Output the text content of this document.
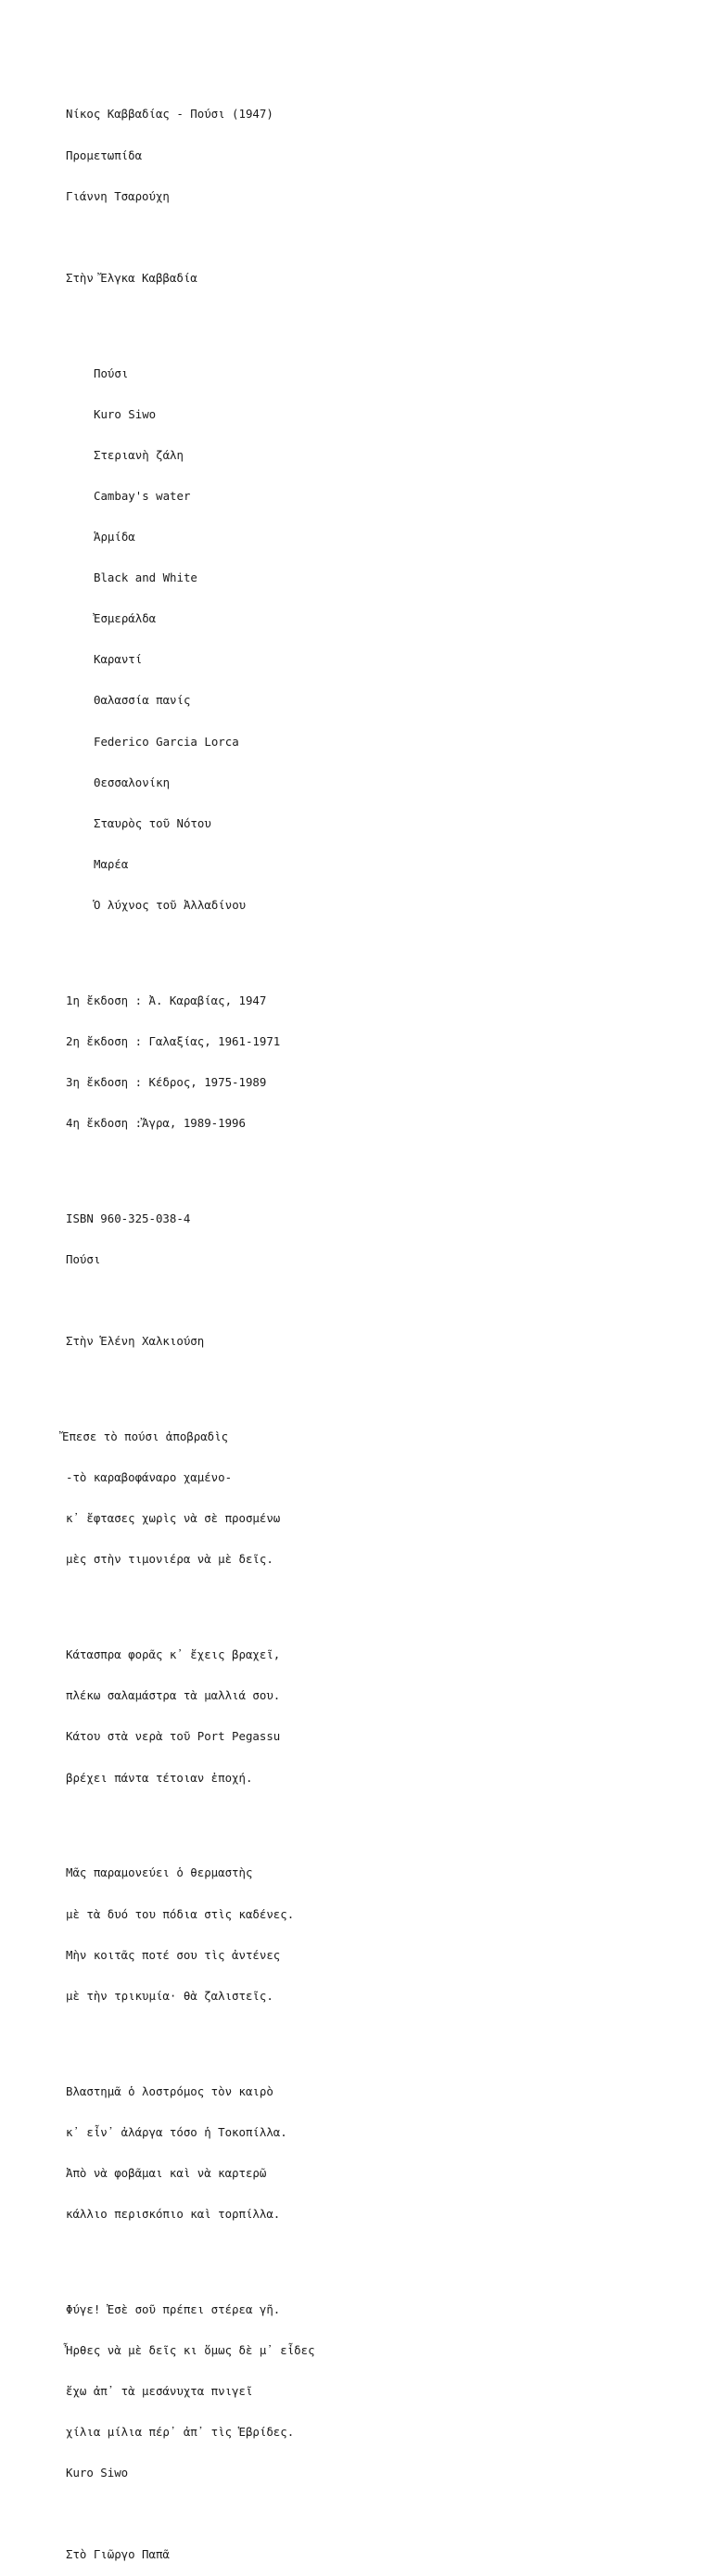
Νίκος Καββαδίας - Πούσι (1947)

Προμετωπίδα

Γιάννη Τσαρούχη

Στὴν Ἔλγκα Καββαδία

Πούσι

Kuro Siwo

Στεριανὴ ζάλη

Cambay's water

Ἁρμίδα

Black and White

Ἐσμεράλδα

Καραντί

Θαλασσία πανίς

Federico Garcia Lorca

Θεσσαλονίκη

Σταυρὸς τοῦ Νότου

Μαρέα

Ὁ λύχνος τοῦ Ἀλλαδίνου

1η ἔκδοση : Ἀ. Καραβίας, 1947

2η ἔκδοση : Γαλαξίας, 1961-1971

3η ἔκδοση : Κέδρος, 1975-1989

4η ἔκδοση :Ἄγρα, 1989-1996

ISBN 960-325-038-4

Πούσι

Στὴν Ἑλένη Χαλκιούση

Ἔπεσε τὸ πούσι ἀποβραδὶς

-τὸ καραβοφάναρο χαμένο-

κ᾿ ἔφτασες χωρὶς νὰ σὲ προσμένω

μὲς στὴν τιμονιέρα νὰ μὲ δεῖς.

Κάτασπρα φορᾶς κ᾿ ἔχεις βραχεῖ,

πλέκω σαλαμάστρα τὰ μαλλιά σου.

Κάτου στὰ νερὰ τοῦ Port Pegassu

βρέχει πάντα τέτοιαν ἐποχή.

Μᾶς παραμονεύει ὁ θερμαστὴς

μὲ τὰ δυό του πόδια στὶς καδένες.

Μὴν κοιτᾶς ποτέ σου τὶς ἀντένες

μὲ τὴν τρικυμία· θὰ ζαλιστεῖς.

Βλαστημᾶ ὁ λοστρόμος τὸν καιρὸ

κ᾿ εἶν᾿ ἀλάργα τόσο ἡ Τοκοπίλλα.

Ἀπὸ νὰ φοβᾶμαι καὶ νὰ καρτερῶ

κάλλιο περισκόπιο καὶ τορπίλλα.

Φύγε! Ἐσὲ σοῦ πρέπει στέρεα γῆ.

Ἦρθες νὰ μὲ δεῖς κι ὅμως δὲ μ᾿ εἶδες

ἔχω ἀπ᾿ τὰ μεσάνυχτα πνιγεῖ

χίλια μίλια πέρ᾿ ἀπ᾿ τὶς Ἑβρίδες.

Kuro Siwo

Στὸ Γιῶργο Παπᾶ
